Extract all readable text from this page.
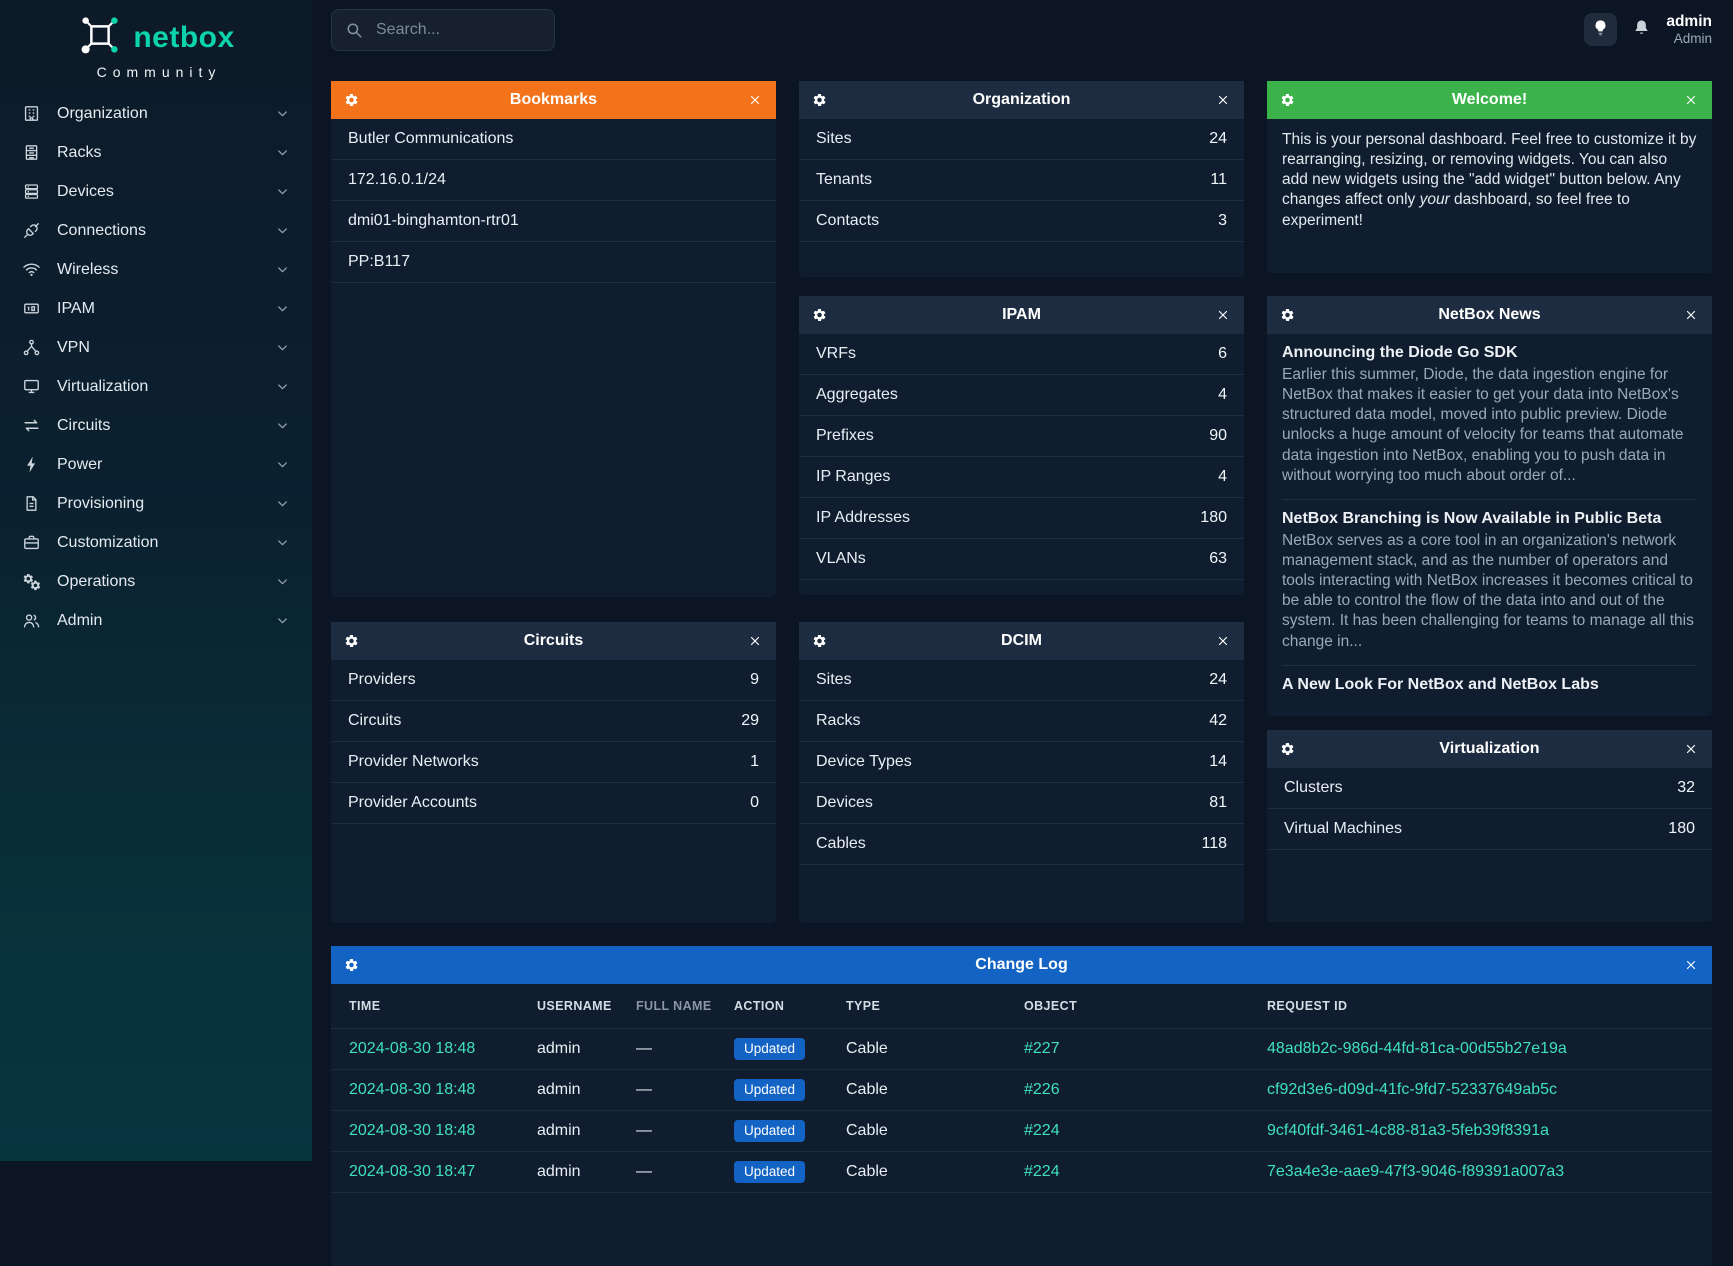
netbox
Community
Organization
Racks
Devices
Connections
Wireless
IPAM
VPN
Virtualization
Circuits
Power
Provisioning
Customization
Operations
Admin
Search...
admin
Admin
Bookmarks
Butler Communications
172.16.0.1/24
dmi01-binghamton-rtr01
PP:B117
Circuits
Providers	9
Circuits	29
Provider Networks	1
Provider Accounts	0
Organization
Sites	24
Tenants	11
Contacts	3
IPAM
VRFs	6
Aggregates	4
Prefixes	90
IP Ranges	4
IP Addresses	180
VLANs	63
DCIM
Sites	24
Racks	42
Device Types	14
Devices	81
Cables	118
Welcome!
This is your personal dashboard. Feel free to customize it by rearranging, resizing, or removing widgets. You can also add new widgets using the "add widget" button below. Any changes affect only your dashboard, so feel free to experiment!
NetBox News
Announcing the Diode Go SDK
Earlier this summer, Diode, the data ingestion engine for NetBox that makes it easier to get your data into NetBox's structured data model, moved into public preview. Diode unlocks a huge amount of velocity for teams that automate data ingestion into NetBox, enabling you to push data in without worrying too much about order of...
NetBox Branching is Now Available in Public Beta
NetBox serves as a core tool in an organization's network management stack, and as the number of operators and tools interacting with NetBox increases it becomes critical to be able to control the flow of the data into and out of the system. It has been challenging for teams to manage all this change in...
A New Look For NetBox and NetBox Labs
Virtualization
Clusters	32
Virtual Machines	180
Change Log
TIME	USERNAME	FULL NAME	ACTION	TYPE	OBJECT	REQUEST ID
2024-08-30 18:48	admin	—	Updated	Cable	#227	48ad8b2c-986d-44fd-81ca-00d55b27e19a
2024-08-30 18:48	admin	—	Updated	Cable	#226	cf92d3e6-d09d-41fc-9fd7-52337649ab5c
2024-08-30 18:48	admin	—	Updated	Cable	#224	9cf40fdf-3461-4c88-81a3-5feb39f8391a
2024-08-30 18:47	admin	—	Updated	Cable	#224	7e3a4e3e-aae9-47f3-9046-f89391a007a3
